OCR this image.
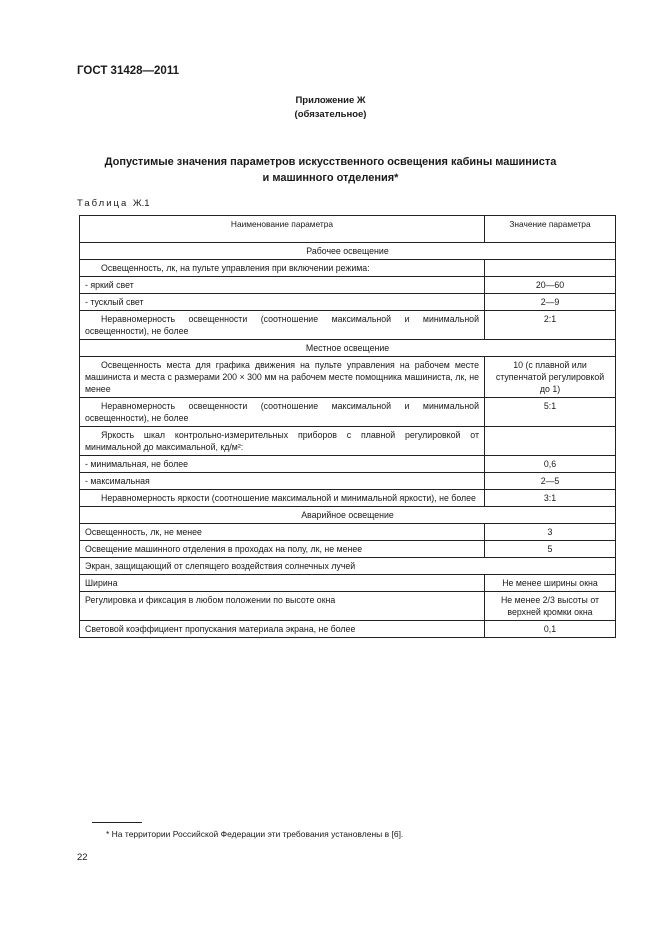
ГОСТ 31428—2011
Приложение Ж
(обязательное)
Допустимые значения параметров искусственного освещения кабины машиниста
и машинного отделения*
Таблица Ж.1
Наименование параметра	Значение параметра
Рабочее освещение	
Освещенность, лк, на пульте управления при включении режима:	
- яркий свет	20—60
- тусклый свет	2—9
Неравномерность освещенности (соотношение максимальной и минимальной освещенности), не более	2:1
Местное освещение	
Освещенность места для графика движения на пульте управления на рабочем месте машиниста и места с размерами 200 × 300 мм на рабочем месте помощника машиниста, лк, не менее	10 (с плавной или ступенчатой регулировкой до 1)
Неравномерность освещенности (соотношение максимальной и минимальной освещенности), не более	5:1
Яркость шкал контрольно-измерительных приборов с плавной регулировкой от минимальной до максимальной, кд/м²:	
- минимальная, не более	0,6
- максимальная	2—5
Неравномерность яркости (соотношение максимальной и минимальной яркости), не более	3:1
Аварийное освещение	
Освещенность, лк, не менее	3
Освещение машинного отделения в проходах на полу, лк, не менее	5
Экран, защищающий от слепящего воздействия солнечных лучей	
Ширина	Не менее ширины окна
Регулировка и фиксация в любом положении по высоте окна	Не менее 2/3 высоты от верхней кромки окна
Световой коэффициент пропускания материала экрана, не более	0,1
* На территории Российской Федерации эти требования установлены в [6].
22
